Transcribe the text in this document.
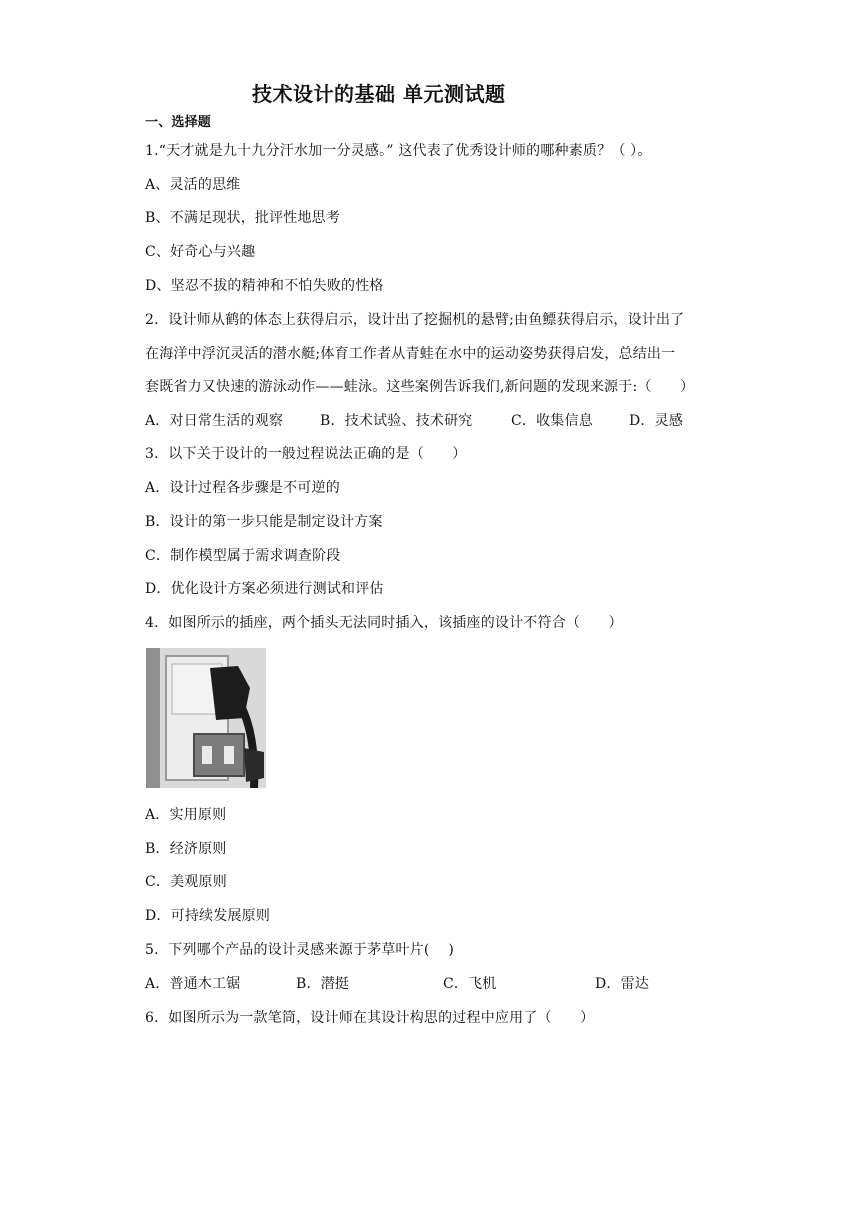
技术设计的基础 单元测试题
一、选择题
1.“天才就是九十九分汗水加一分灵感。” 这代表了优秀设计师的哪种素质？（ ）。
A、灵活的思维
B、不满足现状，批评性地思考
C、好奇心与兴趣
D、坚忍不拔的精神和不怕失败的性格
2．设计师从鹤的体态上获得启示，设计出了挖掘机的悬臂;由鱼鳔获得启示，设计出了
在海洋中浮沉灵活的潜水艇;体育工作者从青蛙在水中的运动姿势获得启发，总结出一
套既省力又快速的游泳动作——蛙泳。这些案例告诉我们,新问题的发现来源于:（　　）
A．对日常生活的观察	B．技术试验、技术研究	C．收集信息	D．灵感
3．以下关于设计的一般过程说法正确的是（　　）
A．设计过程各步骤是不可逆的
B．设计的第一步只能是制定设计方案
C．制作模型属于需求调查阶段
D．优化设计方案必须进行测试和评估
4．如图所示的插座，两个插头无法同时插入，该插座的设计不符合（　　）
A．实用原则
B．经济原则
C．美观原则
D．可持续发展原则
5．下列哪个产品的设计灵感来源于茅草叶片(　 )
A．普通木工锯	B．潜挺	C．飞机	D．雷达
6．如图所示为一款笔筒，设计师在其设计构思的过程中应用了（　　）
